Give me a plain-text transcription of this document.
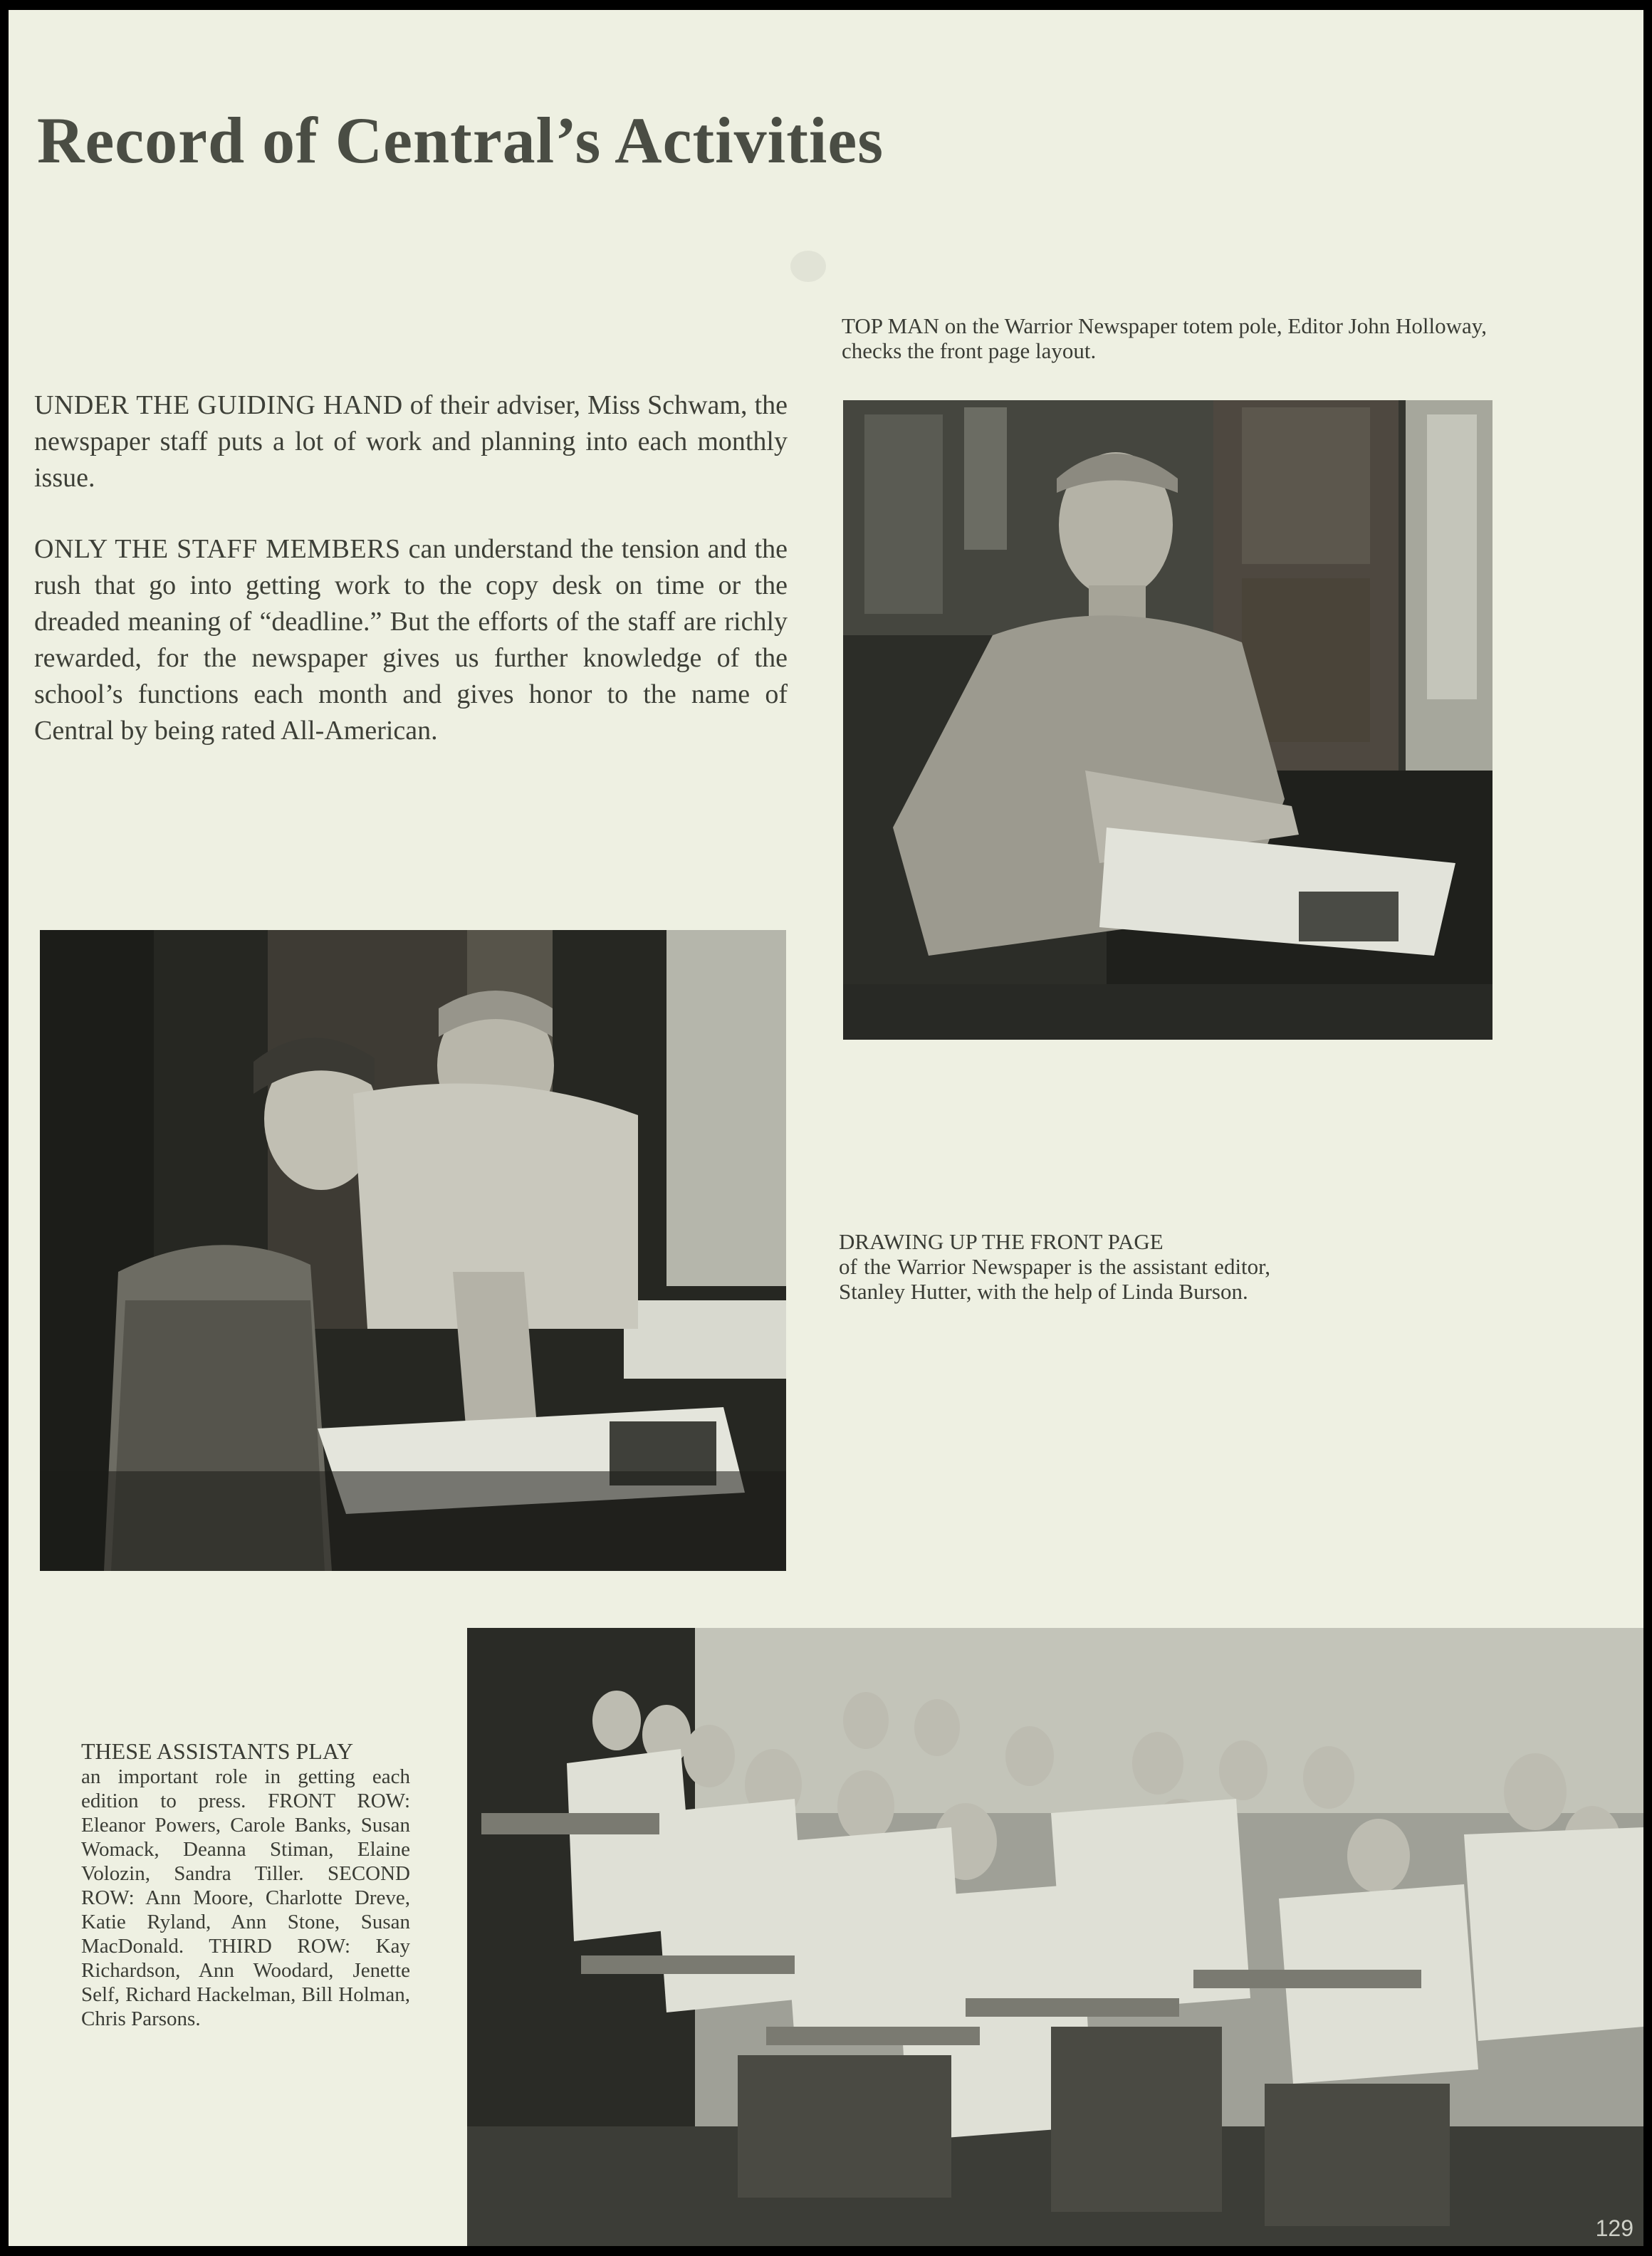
Record of Central’s Activities

UNDER THE GUIDING HAND of their adviser, Miss Schwam, the newspaper staff puts a lot of work and planning into each monthly issue.

ONLY THE STAFF MEMBERS can understand the tension and the rush that go into getting work to the copy desk on time or the dreaded meaning of “deadline.” But the efforts of the staff are richly rewarded, for the newspaper gives us further knowledge of the school’s functions each month and gives honor to the name of Central by being rated All-American.

TOP MAN on the Warrior Newspaper totem pole, Editor John Holloway, checks the front page layout.

DRAWING UP THE FRONT PAGE
of the Warrior Newspaper is the assistant editor, Stanley Hutter, with the help of Linda Burson.

THESE ASSISTANTS PLAY
an important role in getting each edition to press. FRONT ROW: Eleanor Powers, Carole Banks, Susan Womack, Deanna Stiman, Elaine Volozin, Sandra Tiller. SECOND ROW: Ann Moore, Charlotte Dreve, Katie Ryland, Ann Stone, Susan MacDonald. THIRD ROW: Kay Richardson, Ann Woodard, Jenette Self, Richard Hackelman, Bill Holman, Chris Parsons.

129
